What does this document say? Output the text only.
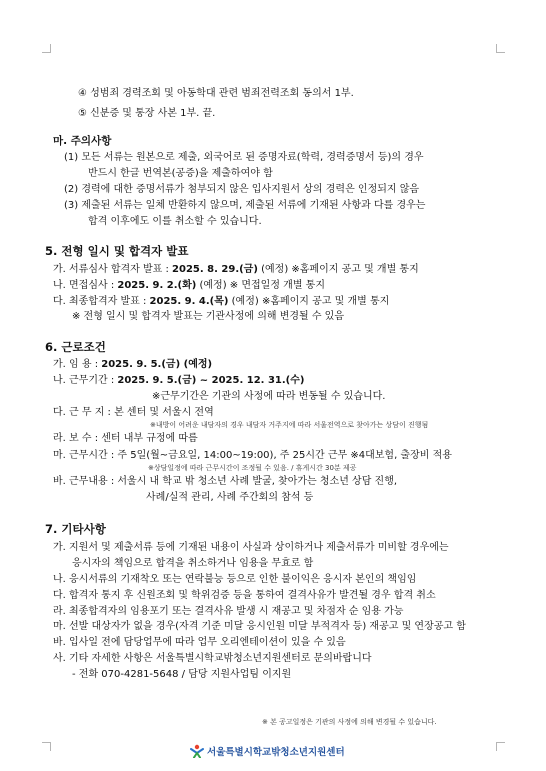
④ 성범죄 경력조회 및 아동학대 관련 범죄전력조회 동의서 1부.
⑤ 신분증 및 통장 사본 1부. 끝.
마. 주의사항
(1) 모든 서류는 원본으로 제출, 외국어로 된 증명자료(학력, 경력증명서 등)의 경우
반드시 한글 번역본(공증)을 제출하여야 함
(2) 경력에 대한 증명서류가 첨부되지 않은 입사지원서 상의 경력은 인정되지 않음
(3) 제출된 서류는 일체 반환하지 않으며, 제출된 서류에 기재된 사항과 다를 경우는
합격 이후에도 이를 취소할 수 있습니다.
5. 전형 일시 및 합격자 발표
가. 서류심사 합격자 발표 : 2025. 8. 29.(금) (예정) ※홈페이지 공고 및 개별 통지
나. 면접심사 : 2025. 9. 2.(화) (예정) ※ 면접일정 개별 통지
다. 최종합격자 발표 : 2025. 9. 4.(목) (예정) ※홈페이지 공고 및 개별 통지
※ 전형 일시 및 합격자 발표는 기관사정에 의해 변경될 수 있음
6. 근로조건
가. 임 용 : 2025. 9. 5.(금) (예정)
나. 근무기간 : 2025. 9. 5.(금) ~ 2025. 12. 31.(수)
※근무기간은 기관의 사정에 따라 변동될 수 있습니다.
다. 근 무 지 : 본 센터 및 서울시 전역
※내방이 어려운 내담자의 경우 내담자 거주지에 따라 서울전역으로 찾아가는 상담이 진행됨
라. 보 수 : 센터 내부 규정에 따름
마. 근무시간 : 주 5일(월~금요일, 14:00~19:00), 주 25시간 근무 ※4대보험, 출장비 적용
※상담일정에 따라 근무시간이 조정될 수 있음. / 휴게시간 30분 제공
바. 근무내용 : 서울시 내 학교 밖 청소년 사례 발굴, 찾아가는 청소년 상담 진행,
사례/실적 관리, 사례 주간회의 참석 등
7. 기타사항
가. 지원서 및 제출서류 등에 기재된 내용이 사실과 상이하거나 제출서류가 미비할 경우에는
응시자의 책임으로 합격을 취소하거나 임용을 무효로 함
나. 응시서류의 기재착오 또는 연락불능 등으로 인한 불이익은 응시자 본인의 책임임
다. 합격자 통지 후 신원조회 및 학위검증 등을 통하여 결격사유가 발견될 경우 합격 취소
라. 최종합격자의 임용포기 또는 결격사유 발생 시 재공고 및 차점자 순 임용 가능
마. 선발 대상자가 없을 경우(자격 기준 미달 응시인원 미달 부적격자 등) 재공고 및 연장공고 함
바. 입사일 전에 담당업무에 따라 업무 오리엔테이션이 있을 수 있음
사. 기타 자세한 사항은 서울특별시학교밖청소년지원센터로 문의바랍니다
- 전화 070-4281-5648 / 담당 지원사업팀 이지원
※ 본 공고일정은 기관의 사정에 의해 변경될 수 있습니다.
서울특별시학교밖청소년지원센터
